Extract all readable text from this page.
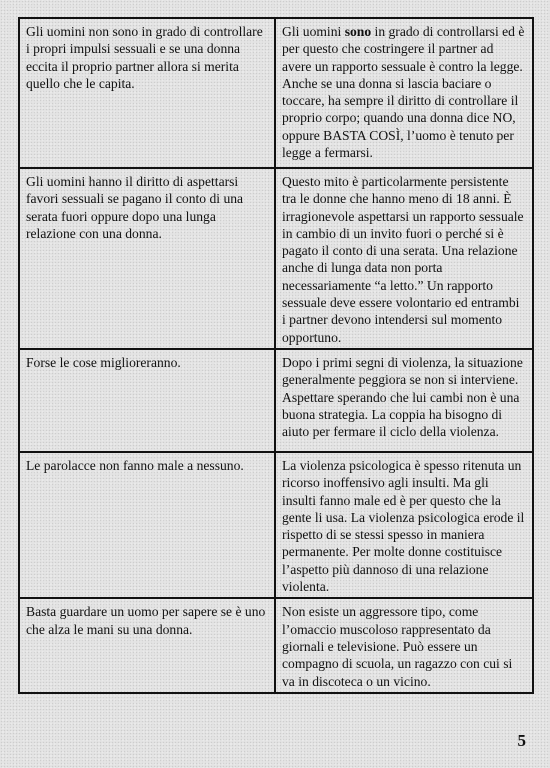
Gli uomini non sono in grado di controllare i propri impulsi sessuali e se una donna eccita il proprio partner allora si merita quello che le capita.	Gli uomini sono in grado di controllarsi ed è per questo che costringere il partner ad avere un rapporto sessuale è contro la legge. Anche se una donna si lascia baciare o toccare, ha sempre il diritto di controllare il proprio corpo; quando una donna dice NO, oppure BASTA COSÌ, l’uomo è tenuto per legge a fermarsi.
Gli uomini hanno il diritto di aspettarsi favori sessuali se pagano il conto di una serata fuori oppure dopo una lunga relazione con una donna.	Questo mito è particolarmente persistente tra le donne che hanno meno di 18 anni. È irragionevole aspettarsi un rapporto sessuale in cambio di un invito fuori o perché si è pagato il conto di una serata. Una relazione anche di lunga data non porta necessariamente “a letto.” Un rapporto sessuale deve essere volontario ed entrambi i partner devono intendersi sul momento opportuno.
Forse le cose miglioreranno.	Dopo i primi segni di violenza, la situazione generalmente peggiora se non si interviene. Aspettare sperando che lui cambi non è una buona strategia. La coppia ha bisogno di aiuto per fermare il ciclo della violenza.
Le parolacce non fanno male a nessuno.	La violenza psicologica è spesso ritenuta un ricorso inoffensivo agli insulti. Ma gli insulti fanno male ed è per questo che la gente li usa. La violenza psicologica erode il rispetto di se stessi spesso in maniera permanente. Per molte donne costituisce l’aspetto più dannoso di una relazione violenta.
Basta guardare un uomo per sapere se è uno che alza le mani su una donna.	Non esiste un aggressore tipo, come l’omaccio muscoloso rappresentato da giornali e televisione. Può essere un compagno di scuola, un ragazzo con cui si va in discoteca o un vicino.
5
